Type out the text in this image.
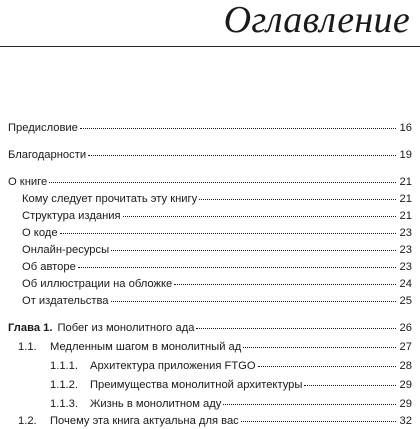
Оглавление
Предисловие	16
Благодарности	19
О книге	21
Кому следует прочитать эту книгу	21
Структура издания	21
О коде	23
Онлайн-ресурсы	23
Об авторе	23
Об иллюстрации на обложке	24
От издательства	25
Глава 1. Побег из монолитного ада	26
1.1. Медленным шагом в монолитный ад	27
1.1.1. Архитектура приложения FTGO	28
1.1.2. Преимущества монолитной архитектуры	29
1.1.3. Жизнь в монолитном аду	29
1.2. Почему эта книга актуальна для вас	32
